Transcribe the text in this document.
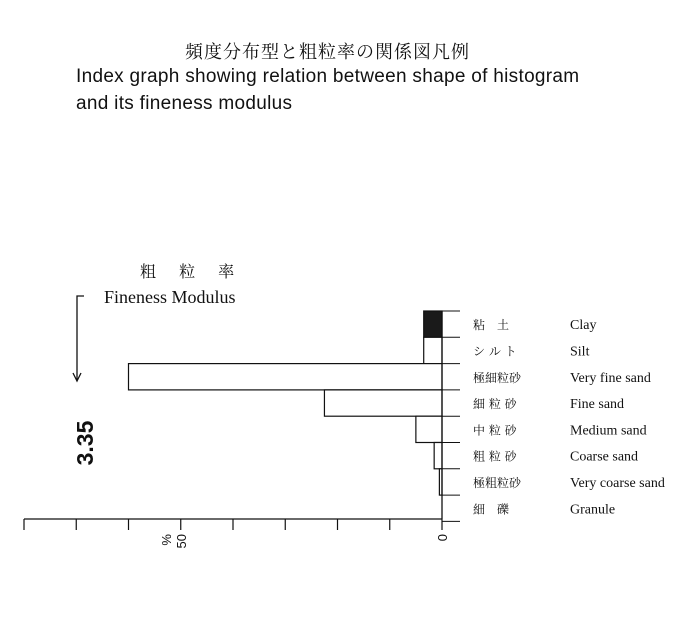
頻度分布型と粗粒率の関係図凡例
Index graph showing relation between shape of histogram
and its fineness modulus
粗 粒 率
Fineness Modulus
3.35
粘　土
シ ル ト
極細粒砂
細 粒 砂
中 粒 砂
粗 粒 砂
極粗粒砂
細　礫
Clay
Silt
Very fine sand
Fine sand
Medium sand
Coarse sand
Very coarse sand
Granule
0
50
%
